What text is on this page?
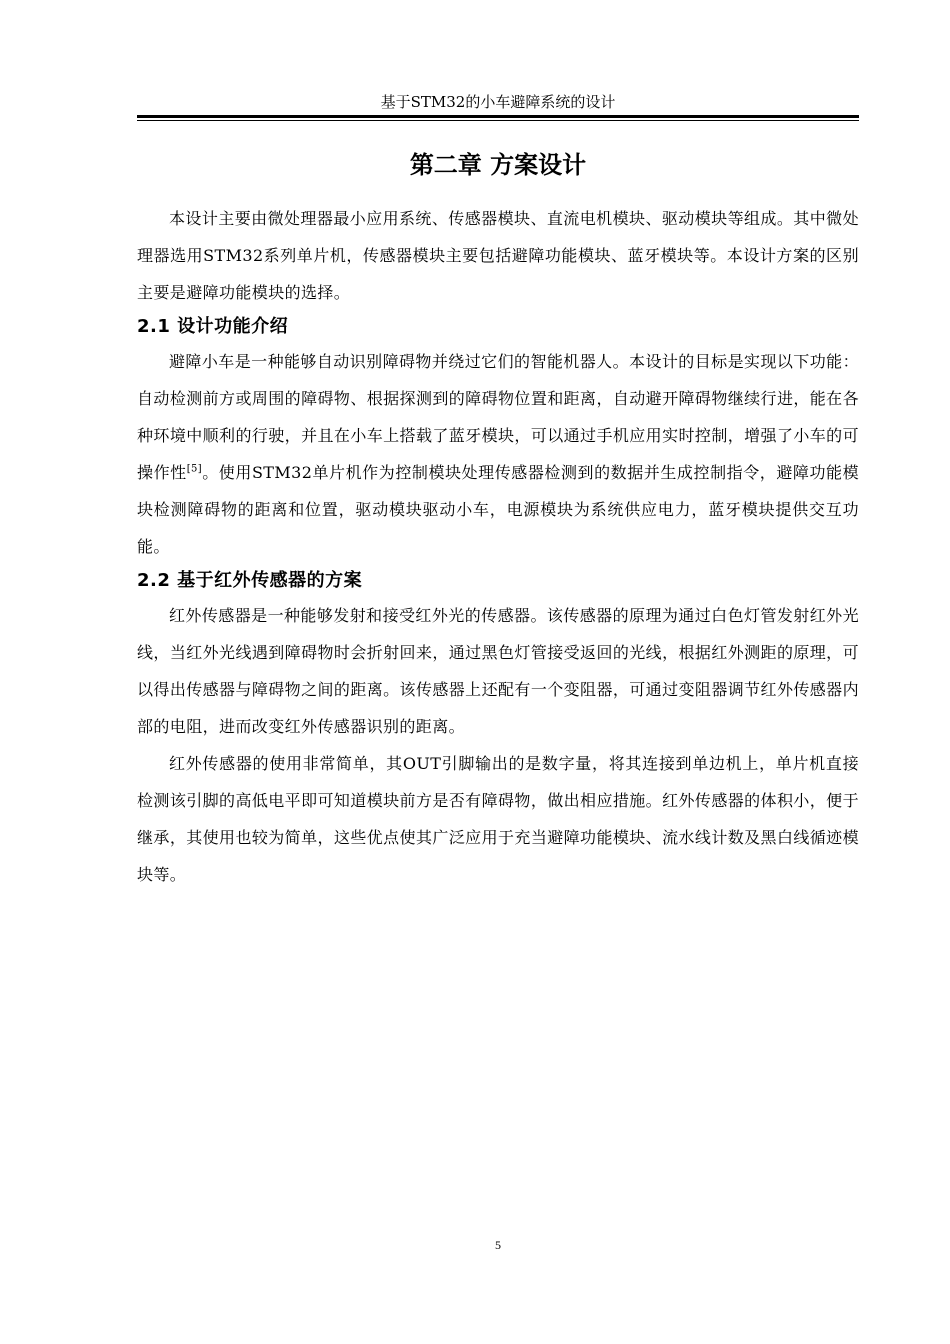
基于STM32的小车避障系统的设计
第二章 方案设计

本设计主要由微处理器最小应用系统、传感器模块、直流电机模块、驱动模块等组成。其中微处理器选用STM32系列单片机，传感器模块主要包括避障功能模块、蓝牙模块等。本设计方案的区别主要是避障功能模块的选择。

2.1 设计功能介绍

避障小车是一种能够自动识别障碍物并绕过它们的智能机器人。本设计的目标是实现以下功能：自动检测前方或周围的障碍物、根据探测到的障碍物位置和距离，自动避开障碍物继续行进，能在各种环境中顺利的行驶，并且在小车上搭载了蓝牙模块，可以通过手机应用实时控制，增强了小车的可操作性[5]。使用STM32单片机作为控制模块处理传感器检测到的数据并生成控制指令，避障功能模块检测障碍物的距离和位置，驱动模块驱动小车，电源模块为系统供应电力，蓝牙模块提供交互功能。

2.2 基于红外传感器的方案

红外传感器是一种能够发射和接受红外光的传感器。该传感器的原理为通过白色灯管发射红外光线，当红外光线遇到障碍物时会折射回来，通过黑色灯管接受返回的光线，根据红外测距的原理，可以得出传感器与障碍物之间的距离。该传感器上还配有一个变阻器，可通过变阻器调节红外传感器内部的电阻，进而改变红外传感器识别的距离。

红外传感器的使用非常简单，其OUT引脚输出的是数字量，将其连接到单边机上，单片机直接检测该引脚的高低电平即可知道模块前方是否有障碍物，做出相应措施。红外传感器的体积小，便于继承，其使用也较为简单，这些优点使其广泛应用于充当避障功能模块、流水线计数及黑白线循迹模块等。

5
